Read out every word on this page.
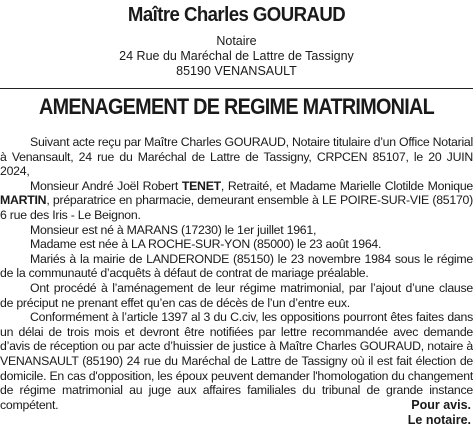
Maître Charles GOURAUD
Notaire
24 Rue du Maréchal de Lattre de Tassigny
85190 VENANSAULT
AMENAGEMENT DE REGIME MATRIMONIAL

Suivant acte reçu par Maître Charles GOURAUD, Notaire titulaire d’un Office Notarial à Venansault, 24 rue du Maréchal de Lattre de Tassigny, CRPCEN 85107, le 20 JUIN 2024,

Monsieur André Joël Robert TENET, Retraité, et Madame Marielle Clotilde Monique MARTIN, préparatrice en pharmacie, demeurant ensemble à LE POIRE-SUR-VIE (85170) 6 rue des Iris - Le Beignon.

Monsieur est né à MARANS (17230) le 1er juillet 1961,

Madame est née à LA ROCHE-SUR-YON (85000) le 23 août 1964.

Mariés à la mairie de LANDERONDE (85150) le 23 novembre 1984 sous le régime de la communauté d’acquêts à défaut de contrat de mariage préalable.

Ont procédé à l’aménagement de leur régime matrimonial, par l’ajout d’une clause de préciput ne prenant effet qu’en cas de décès de l’un d’entre eux.

Conformément à l’article 1397 al 3 du C.civ, les oppositions pourront êtes faites dans un délai de trois mois et devront être notifiées par lettre recommandée avec demande d’avis de réception ou par acte d’huissier de justice à Maître Charles GOURAUD, notaire à VENANSAULT (85190) 24 rue du Maréchal de Lattre de Tassigny où il est fait élection de domicile. En cas d'opposition, les époux peuvent demander l'homologation du changement de régime matrimonial au juge aux affaires familiales du tribunal de grande instance compétent.	Pour avis.
Le notaire.
